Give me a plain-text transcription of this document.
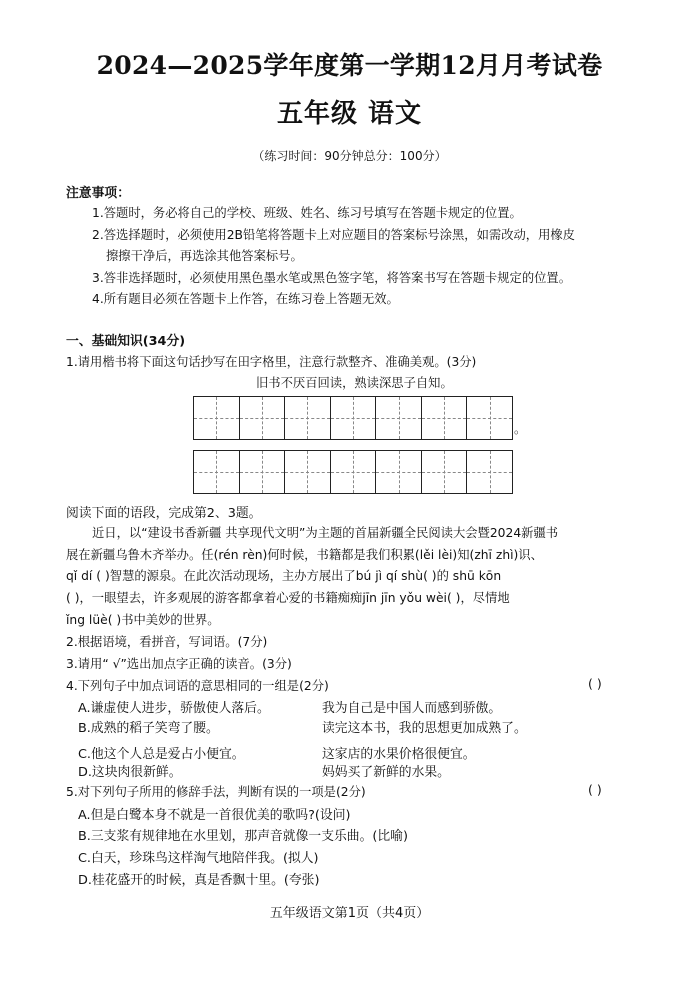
2024—2025学年度第一学期12月月考试卷
五年级 语文
（练习时间：90分钟总分：100分）
注意事项：
1.答题时，务必将自己的学校、班级、姓名、练习号填写在答题卡规定的位置。
2.答选择题时，必须使用2B铅笔将答题卡上对应题目的答案标号涂黑，如需改动，用橡皮
擦擦干净后，再选涂其他答案标号。
3.答非选择题时，必须使用黑色墨水笔或黑色签字笔，将答案书写在答题卡规定的位置。
4.所有题目必须在答题卡上作答，在练习卷上答题无效。
一、基础知识(34分)
1.请用楷书将下面这句话抄写在田字格里，注意行款整齐、准确美观。(3分)
旧书不厌百回读，熟读深思子自知。
。
阅读下面的语段，完成第2、3题。
近日，以“建设书香新疆 共享现代文明”为主题的首届新疆全民阅读大会暨2024新疆书
展在新疆乌鲁木齐举办。任(rén rèn)何时候，书籍都是我们积累(lěi lèi)知(zhī zhì)识、
qǐ dí ( )智慧的源泉。在此次活动现场，主办方展出了bú jì qí shù( )的 shū kōn
( )，一眼望去，许多观展的游客都拿着心爱的书籍痴痴jīn jīn yǒu wèi( )，尽情地
ǐng lüè( )书中美妙的世界。
2.根据语境，看拼音，写词语。(7分)
3.请用“ √”选出加点字正确的读音。(3分)
4.下列句子中加点词语的意思相同的一组是(2分)	( )
A.谦虚使人进步，骄傲使人落后。	我为自己是中国人而感到骄傲。
B.成熟的稻子笑弯了腰。	读完这本书，我的思想更加成熟了。
C.他这个人总是爱占小便宜。	这家店的水果价格很便宜。
D.这块肉很新鲜。	妈妈买了新鲜的水果。
5.对下列句子所用的修辞手法，判断有误的一项是(2分)	( )
A.但是白鹭本身不就是一首很优美的歌吗?(设问)
B.三支浆有规律地在水里划，那声音就像一支乐曲。(比喻)
C.白天，珍珠鸟这样淘气地陪伴我。(拟人)
D.桂花盛开的时候，真是香飘十里。(夸张)
五年级语文第1页（共4页）
